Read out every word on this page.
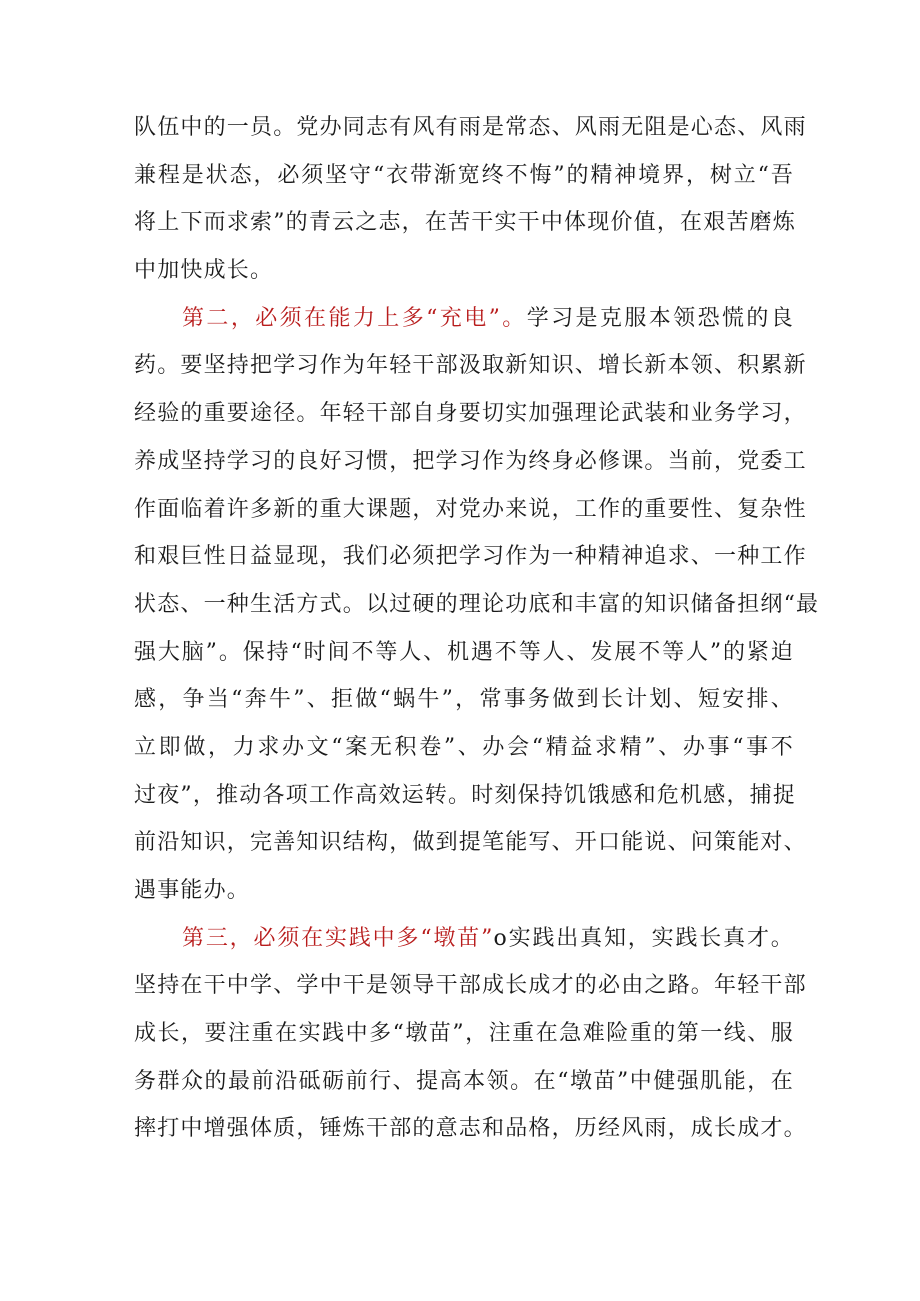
队伍中的一员。党办同志有风有雨是常态、风雨无阻是心态、风雨
兼程是状态，必须坚守“衣带渐宽终不悔”的精神境界，树立“吾
将上下而求索”的青云之志，在苦干实干中体现价值，在艰苦磨炼
中加快成长。
第二，必须在能力上多“充电”。学习是克服本领恐慌的良
药。要坚持把学习作为年轻干部汲取新知识、增长新本领、积累新
经验的重要途径。年轻干部自身要切实加强理论武装和业务学习，
养成坚持学习的良好习惯，把学习作为终身必修课。当前，党委工
作面临着许多新的重大课题，对党办来说，工作的重要性、复杂性
和艰巨性日益显现，我们必须把学习作为一种精神追求、一种工作
状态、一种生活方式。以过硬的理论功底和丰富的知识储备担纲“最
强大脑”。保持“时间不等人、机遇不等人、发展不等人”的紧迫
感，争当“奔牛”、拒做“蜗牛”，常事务做到长计划、短安排、
立即做，力求办文“案无积卷”、办会“精益求精”、办事“事不
过夜”，推动各项工作高效运转。时刻保持饥饿感和危机感，捕捉
前沿知识，完善知识结构，做到提笔能写、开口能说、问策能对、
遇事能办。
第三，必须在实践中多“墩苗”o实践出真知，实践长真才。
坚持在干中学、学中干是领导干部成长成才的必由之路。年轻干部
成长，要注重在实践中多“墩苗”，注重在急难险重的第一线、服
务群众的最前沿砥砺前行、提高本领。在“墩苗”中健强肌能，在
摔打中增强体质，锤炼干部的意志和品格，历经风雨，成长成才。
